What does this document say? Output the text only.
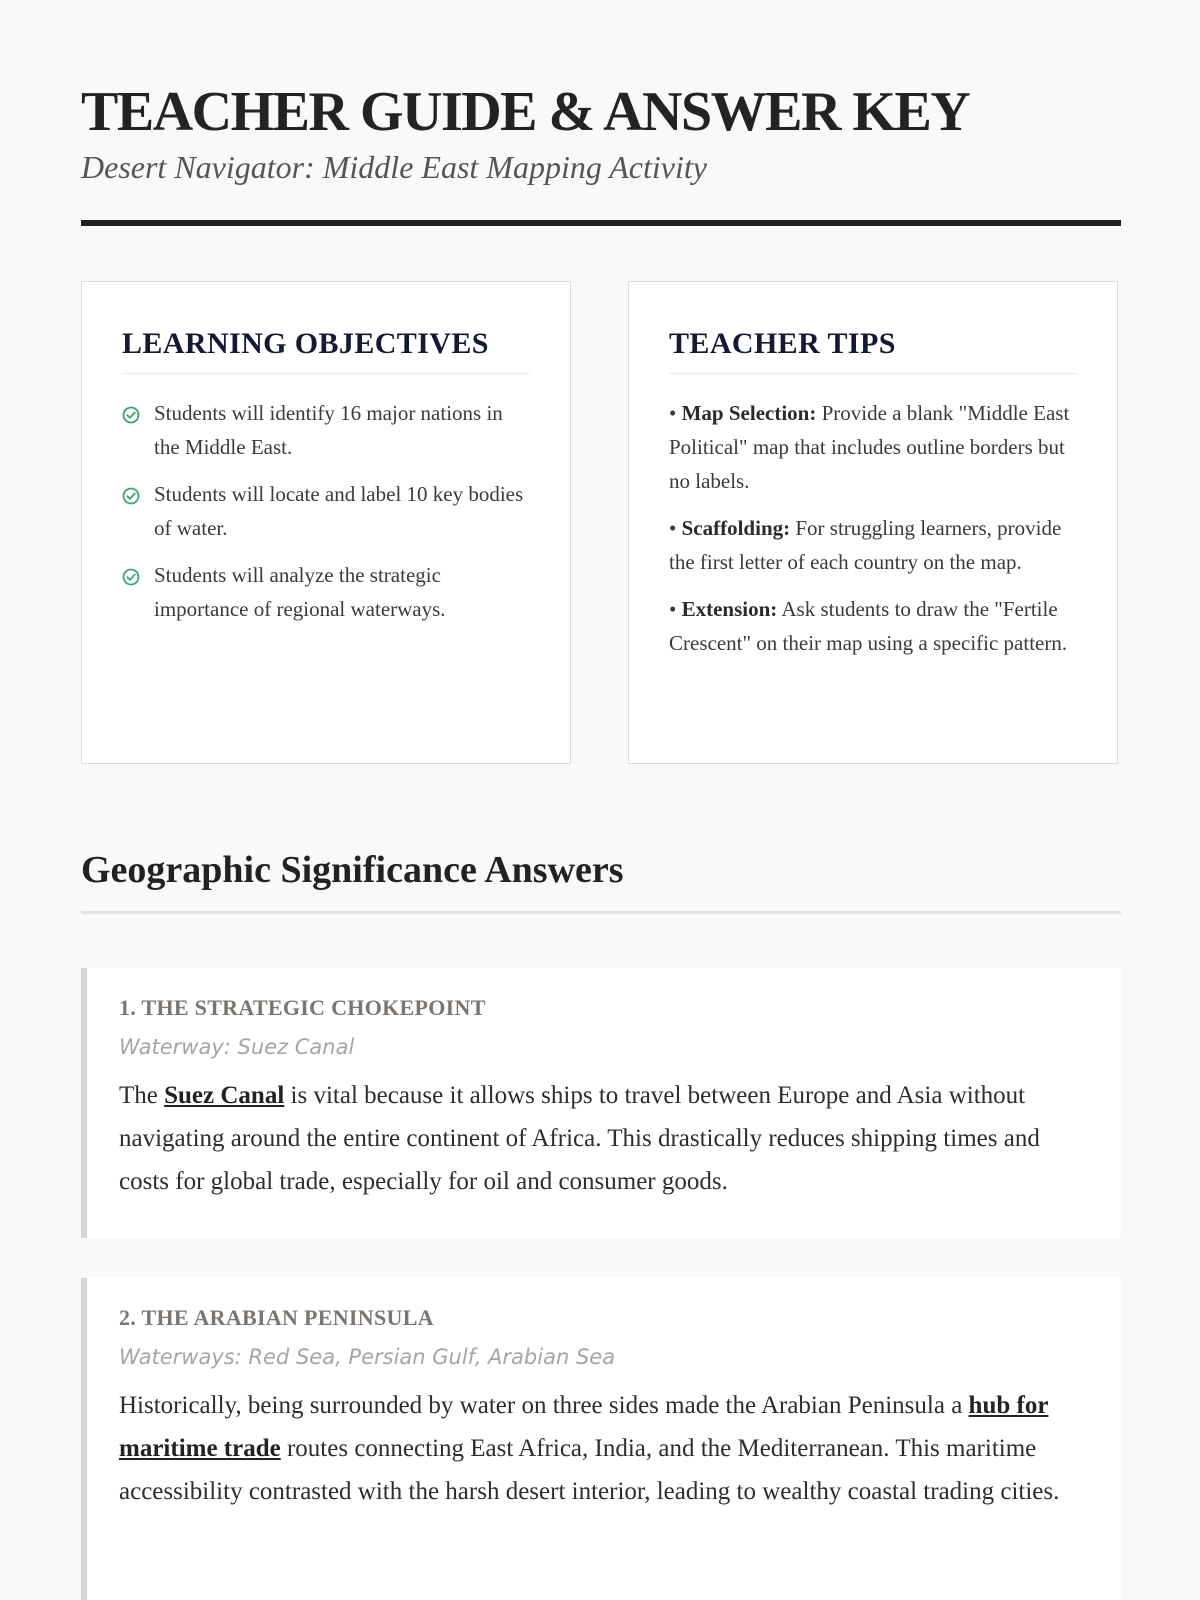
TEACHER GUIDE & ANSWER KEY

Desert Navigator: Middle East Mapping Activity

LEARNING OBJECTIVES
Students will identify 16 major nations in the Middle East.
Students will locate and label 10 key bodies of water.
Students will analyze the strategic importance of regional waterways.
TEACHER TIPS

• Map Selection: Provide a blank "Middle East Political" map that includes outline borders but no labels.

• Scaffolding: For struggling learners, provide the first letter of each country on the map.

• Extension: Ask students to draw the "Fertile Crescent" on their map using a specific pattern.

Geographic Significance Answers
1. THE STRATEGIC CHOKEPOINT

Waterway: Suez Canal

The Suez Canal is vital because it allows ships to travel between Europe and Asia without navigating around the entire continent of Africa. This drastically reduces shipping times and costs for global trade, especially for oil and consumer goods.

2. THE ARABIAN PENINSULA

Waterways: Red Sea, Persian Gulf, Arabian Sea

Historically, being surrounded by water on three sides made the Arabian Peninsula a hub for maritime trade routes connecting East Africa, India, and the Mediterranean. This maritime accessibility contrasted with the harsh desert interior, leading to wealthy coastal trading cities.
